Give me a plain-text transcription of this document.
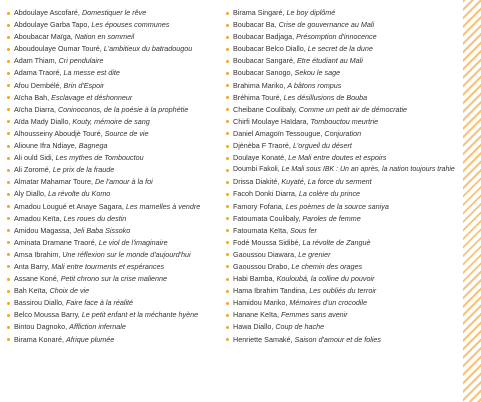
Abdoulaye Ascofaré, Domestiquer le rêve
Abdoulaye Garba Tapo, Les épouses communes
Aboubacar Maïga, Nation en sommeil
Aboudoulaye Oumar Touré, L'ambitieux du batradougou
Adam Thiam, Cri pendulaire
Adama Traoré, La messe est dite
Afou Dembélé, Brin d'Espoir
Aïcha Bah, Esclavage et déshonneur
Aïcha Diarra, Coninoconos, de la poésie à la prophétie
Aïda Mady Diallo, Kouty, mémoire de sang
Alhousseiny Aboudjè Touré, Source de vie
Alioune Ifra Ndiaye, Bagnega
Ali ould Sidi, Les mythes de Tombouctou
Ali Zoromé, Le prix de la fraude
Almatar Mahamar Toure, De l'amour à la foi
Aly Diallo, La révolte du Komo
Amadou Lougué et Anaye Sagara, Les mamelles à vendre
Amadou Keïta, Les roues du destin
Amidou Magassa, Jeli Baba Sissoko
Aminata Dramane Traoré, Le viol de l'imaginaire
Amsa Ibrahim, Une réflexion sur le monde d'aujourd'hui
Anta Barry, Mali entre tourments et espérances
Assane Koné, Petit chrono sur la crise malienne
Bah Keïta, Choix de vie
Bassirou Diallo, Faire face à la réalité
Belco Moussa Barry, Le petit enfant et la méchante hyène
Bintou Dagnoko, Affliction infernale
Birama Konaré, Afrique plumée
Birama Singaré, Le boy diplômé
Boubacar Ba, Crise de gouvernance au Mali
Boubacar Badjaga, Présomption d'innocence
Boubacar Belco Diallo, Le secret de la dune
Boubacar Sangaré, Etre étudiant au Mali
Boubacar Sanogo, Sekou le sage
Brahima Mariko, A bâtons rompus
Bréhima Touré, Les désillusions de Bouba
Cheibane Coulibaly, Comme un petit air de démocratie
Chirfi Moulaye Haïdara, Tombouctou meurtrie
Daniel Amagoïn Tessougue, Conjuration
Djènèba F Traoré, L'orgueil du désert
Doulaye Konaté, Le Mali entre doutes et espoirs
Doumbi Fakoli, Le Mali sous IBK : Un an après, la nation toujours trahie
Drissa Diakité, Kuyaté, La force du serment
Facoh Donki Diarra, La colère du prince
Famory Fofana, Les poèmes de la source saniya
Fatoumata Coulibaly, Paroles de femme
Fatoumata Keïta, Sous fer
Fodé Moussa Sidibé, La révolte de Zanguè
Gaoussou Diawara, Le grenier
Gaoussou Drabo, Le chemin des orages
Habi Bamba, Kouloubá, la colline du pouvoir
Hama Ibrahim Tandina, Les oubliés du terroir
Hamidou Mariko, Mémoires d'un crocodile
Hanane Keïta, Femmes sans avenir
Hawa Diallo, Coup de hache
Henriette Samaké, Saison d'amour et de folies
